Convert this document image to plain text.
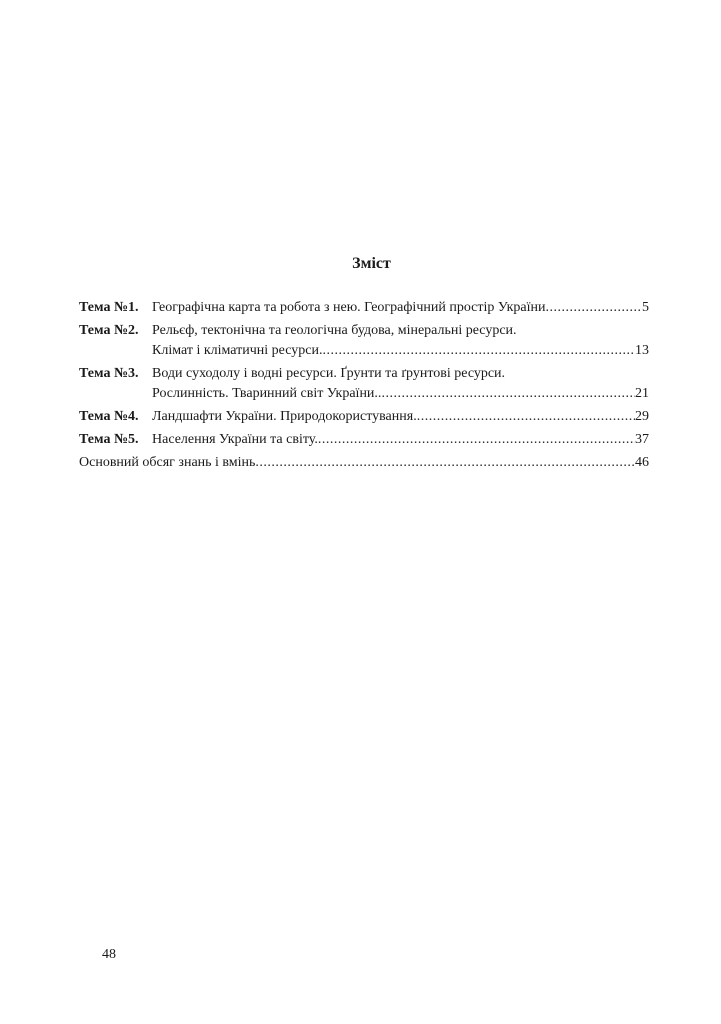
Зміст
Тема №1. Географічна карта та робота з нею. Географічний простір України .....	5
Тема №2. Рельєф, тектонічна та геологічна будова, мінеральні ресурси.
Клімат і кліматичні ресурси. .....	13
Тема №3. Води суходолу і водні ресурси. Ґрунти та ґрунтові ресурси.
Рослинність. Тваринний світ України.. .....	21
Тема №4. Ландшафти України. Природокористування. .....	29
Тема №5. Населення України та світу. .....	37
Основний обсяг знань і вмінь .....	46
48
